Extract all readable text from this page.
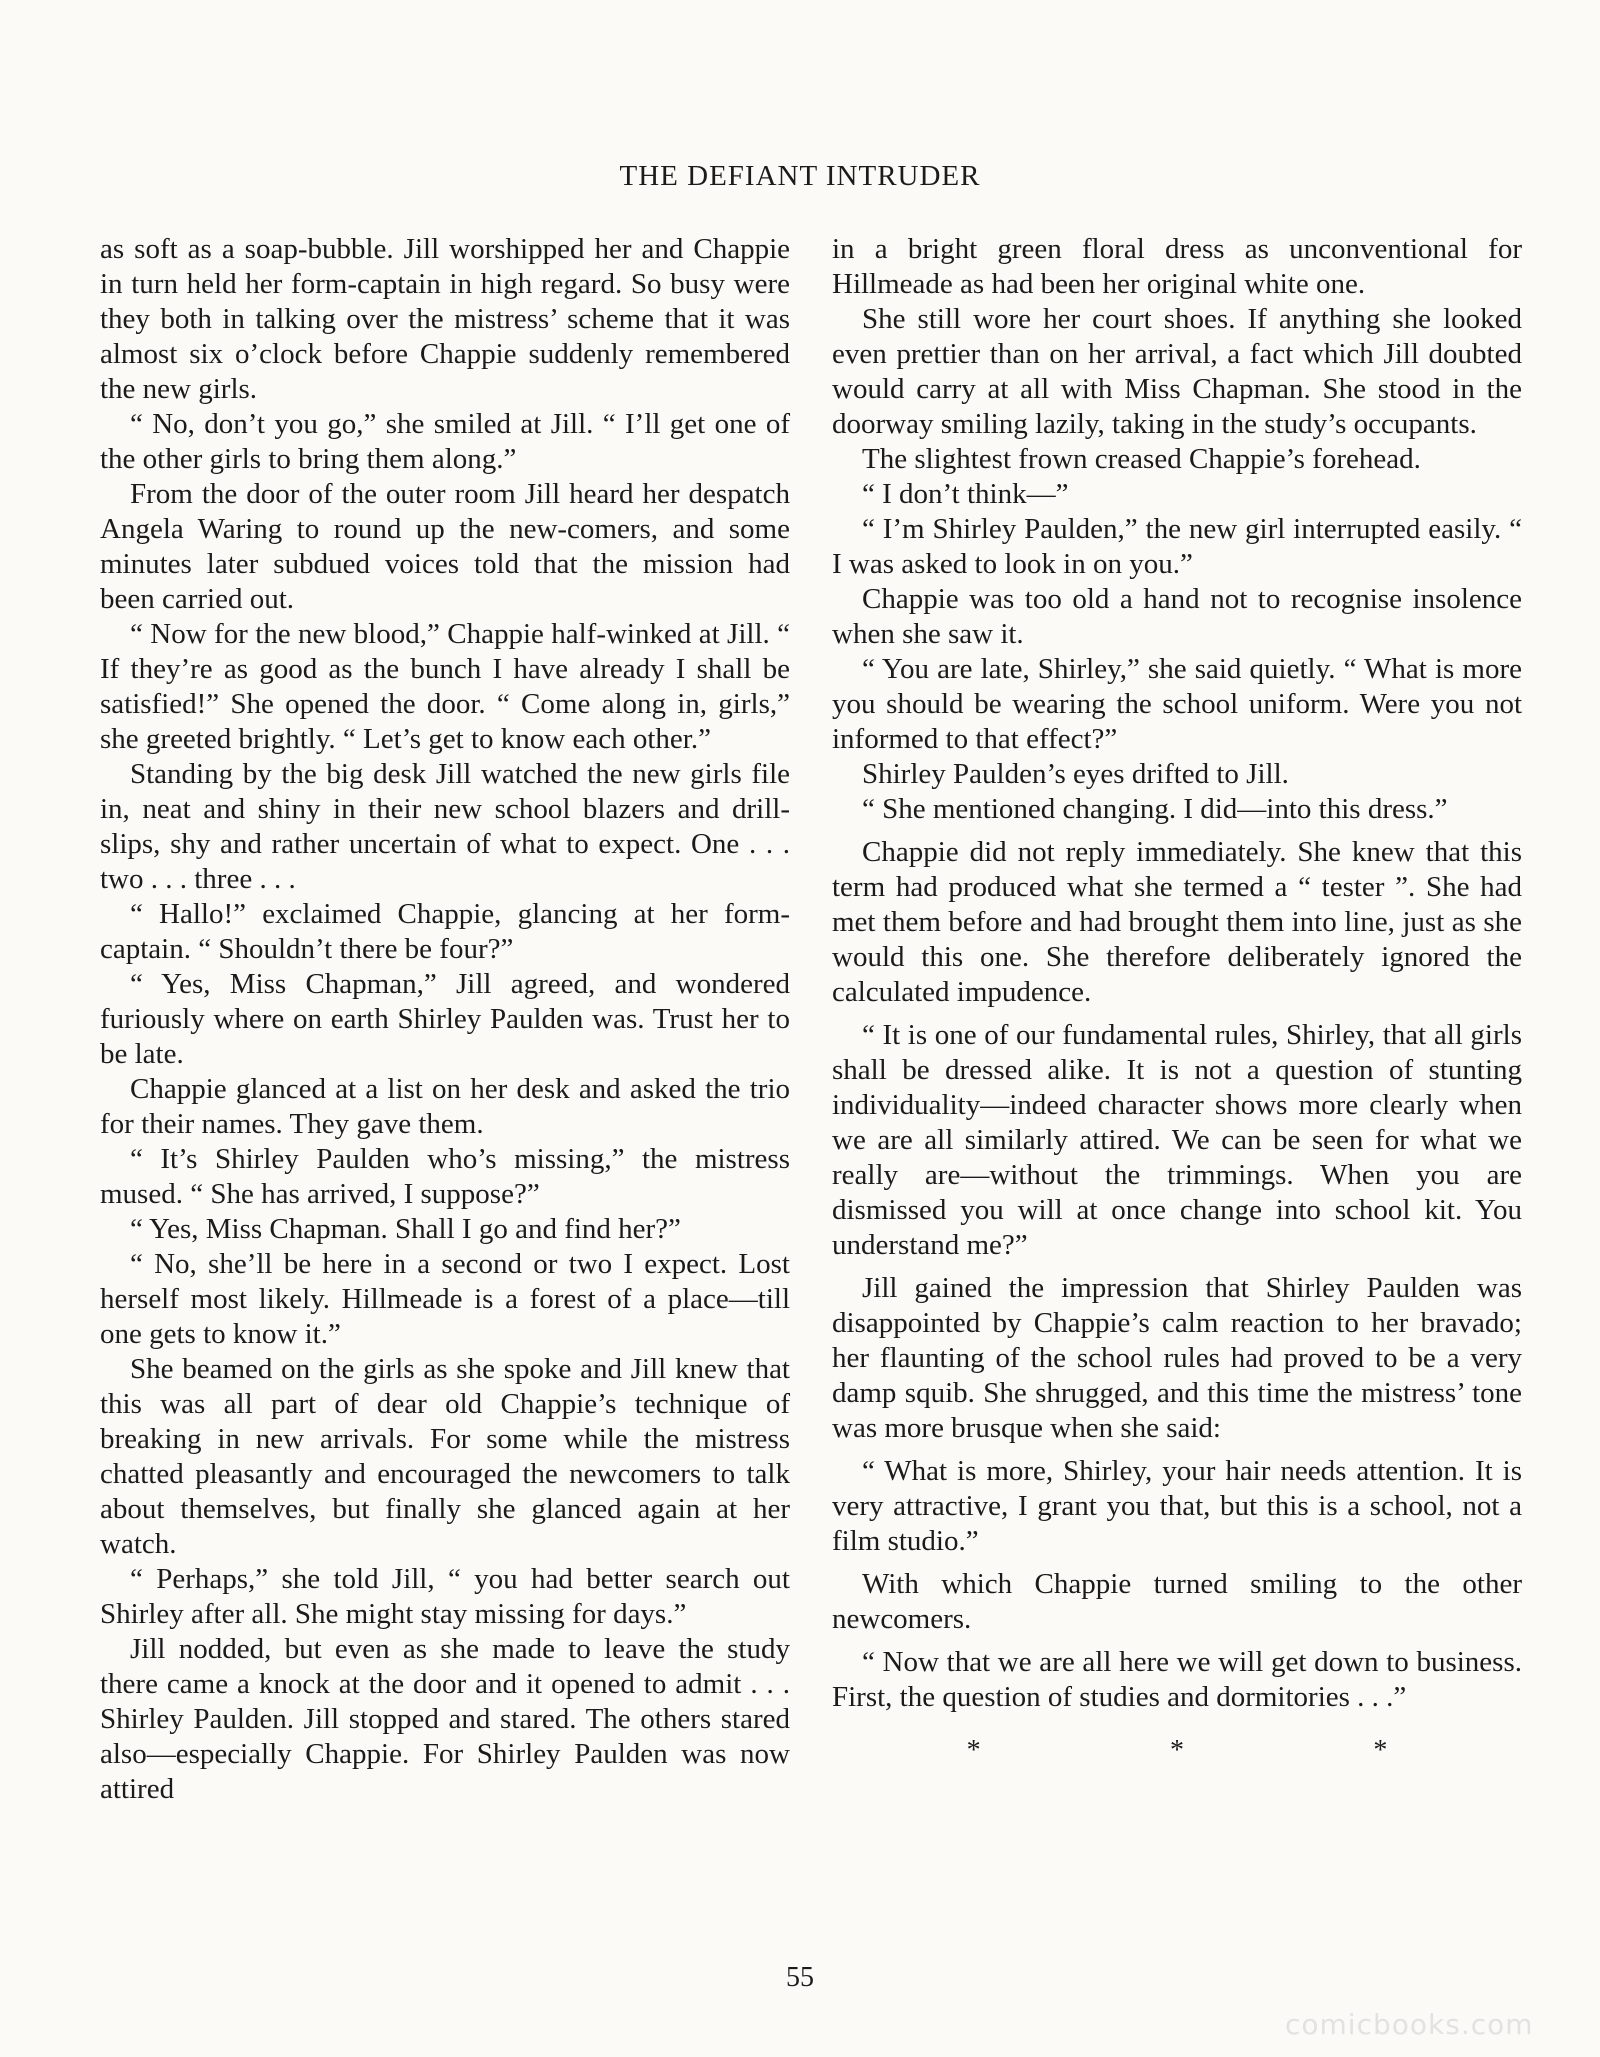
THE DEFIANT INTRUDER

as soft as a soap-bubble. Jill worshipped her and Chappie in turn held her form-captain in high regard. So busy were they both in talking over the mistress’ scheme that it was almost six o’clock before Chappie suddenly remembered the new girls.

“ No, don’t you go,” she smiled at Jill. “ I’ll get one of the other girls to bring them along.”

From the door of the outer room Jill heard her despatch Angela Waring to round up the new-comers, and some minutes later subdued voices told that the mission had been carried out.

“ Now for the new blood,” Chappie half-winked at Jill. “ If they’re as good as the bunch I have already I shall be satisfied!” She opened the door. “ Come along in, girls,” she greeted brightly. “ Let’s get to know each other.”

Standing by the big desk Jill watched the new girls file in, neat and shiny in their new school blazers and drill-slips, shy and rather uncertain of what to expect. One . . . two . . . three . . .

“ Hallo!” exclaimed Chappie, glancing at her form-captain. “ Shouldn’t there be four?”

“ Yes, Miss Chapman,” Jill agreed, and wondered furiously where on earth Shirley Paulden was. Trust her to be late.

Chappie glanced at a list on her desk and asked the trio for their names. They gave them.

“ It’s Shirley Paulden who’s missing,” the mistress mused. “ She has arrived, I suppose?”

“ Yes, Miss Chapman. Shall I go and find her?”

“ No, she’ll be here in a second or two I expect. Lost herself most likely. Hillmeade is a forest of a place—till one gets to know it.”

She beamed on the girls as she spoke and Jill knew that this was all part of dear old Chappie’s technique of breaking in new arrivals. For some while the mistress chatted pleasantly and encouraged the newcomers to talk about themselves, but finally she glanced again at her watch.

“ Perhaps,” she told Jill, “ you had better search out Shirley after all. She might stay missing for days.”

Jill nodded, but even as she made to leave the study there came a knock at the door and it opened to admit . . . Shirley Paulden. Jill stopped and stared. The others stared also—especially Chappie. For Shirley Paulden was now attired

in a bright green floral dress as unconventional for Hillmeade as had been her original white one.

She still wore her court shoes. If anything she looked even prettier than on her arrival, a fact which Jill doubted would carry at all with Miss Chapman. She stood in the doorway smiling lazily, taking in the study’s occupants.

The slightest frown creased Chappie’s forehead.

“ I don’t think—”

“ I’m Shirley Paulden,” the new girl interrupted easily. “ I was asked to look in on you.”

Chappie was too old a hand not to recognise insolence when she saw it.

“ You are late, Shirley,” she said quietly. “ What is more you should be wearing the school uniform. Were you not informed to that effect?”

Shirley Paulden’s eyes drifted to Jill.

“ She mentioned changing. I did—into this dress.”

Chappie did not reply immediately. She knew that this term had produced what she termed a “ tester ”. She had met them before and had brought them into line, just as she would this one. She therefore deliberately ignored the calculated impudence.

“ It is one of our fundamental rules, Shirley, that all girls shall be dressed alike. It is not a question of stunting individuality—indeed character shows more clearly when we are all similarly attired. We can be seen for what we really are—without the trimmings. When you are dismissed you will at once change into school kit. You understand me?”

Jill gained the impression that Shirley Paulden was disappointed by Chappie’s calm reaction to her bravado; her flaunting of the school rules had proved to be a very damp squib. She shrugged, and this time the mistress’ tone was more brusque when she said:

“ What is more, Shirley, your hair needs attention. It is very attractive, I grant you that, but this is a school, not a film studio.”

With which Chappie turned smiling to the other newcomers.

“ Now that we are all here we will get down to business. First, the question of studies and dormitories . . .”

*	*	*
55
comicbooks.com
